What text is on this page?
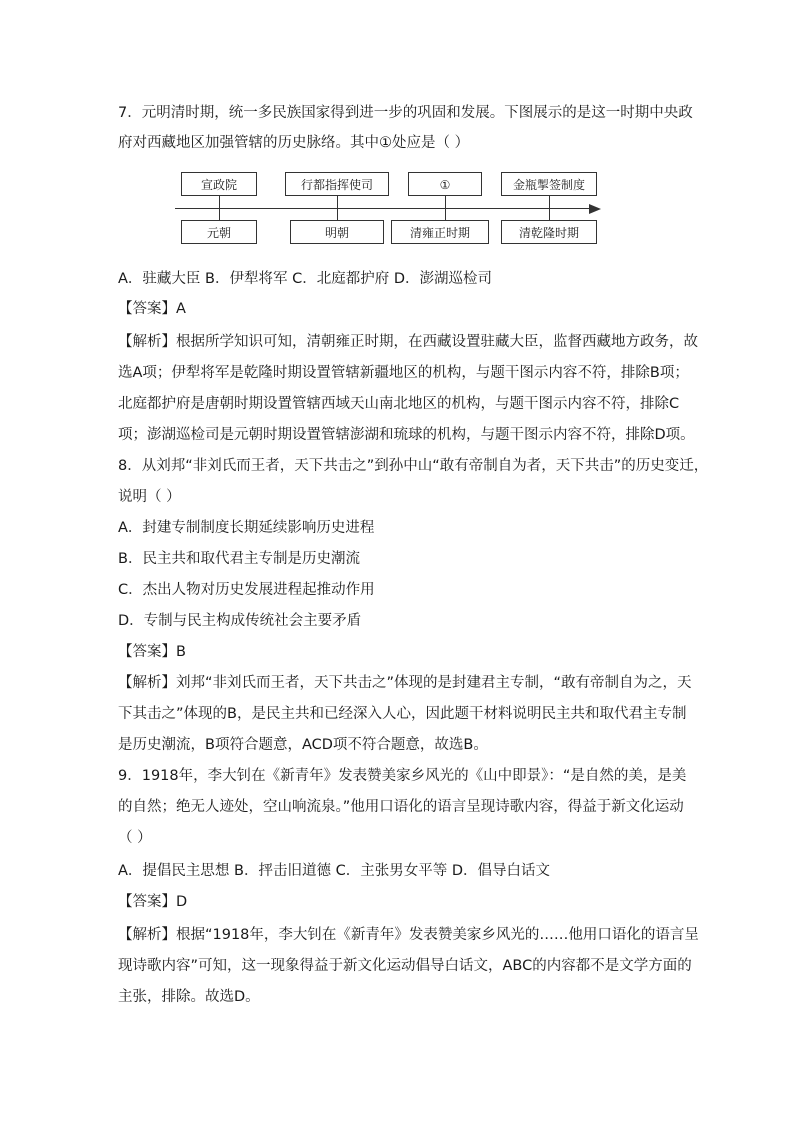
7．元明清时期，统一多民族国家得到进一步的巩固和发展。下图展示的是这一时期中央政
府对西藏地区加强管辖的历史脉络。其中①处应是（ ）
宣政院	行都指挥使司	①	金瓶掣签制度
元朝	明朝	清雍正时期	清乾隆时期
A．驻藏大臣 B．伊犁将军 C．北庭都护府 D．澎湖巡检司
【答案】A
【解析】根据所学知识可知，清朝雍正时期，在西藏设置驻藏大臣，监督西藏地方政务，故
选A项；伊犁将军是乾隆时期设置管辖新疆地区的机构，与题干图示内容不符，排除B项；
北庭都护府是唐朝时期设置管辖西域天山南北地区的机构，与题干图示内容不符，排除C
项；澎湖巡检司是元朝时期设置管辖澎湖和琉球的机构，与题干图示内容不符，排除D项。
8．从刘邦“非刘氏而王者，天下共击之”到孙中山“敢有帝制自为者，天下共击”的历史变迁，
说明（ ）
A．封建专制制度长期延续影响历史进程
B．民主共和取代君主专制是历史潮流
C．杰出人物对历史发展进程起推动作用
D．专制与民主构成传统社会主要矛盾
【答案】B
【解析】刘邦“非刘氏而王者，天下共击之”体现的是封建君主专制，“敢有帝制自为之，天
下其击之”体现的B，是民主共和已经深入人心，因此题干材料说明民主共和取代君主专制
是历史潮流，B项符合题意，ACD项不符合题意，故选B。
9．1918年，李大钊在《新青年》发表赞美家乡风光的《山中即景》：“是自然的美，是美
的自然；绝无人迹处，空山响流泉。”他用口语化的语言呈现诗歌内容，得益于新文化运动
（ ）
A．提倡民主思想 B．抨击旧道德 C．主张男女平等 D．倡导白话文
【答案】D
【解析】根据“1918年，李大钊在《新青年》发表赞美家乡风光的……他用口语化的语言呈
现诗歌内容”可知，这一现象得益于新文化运动倡导白话文，ABC的内容都不是文学方面的
主张，排除。故选D。
